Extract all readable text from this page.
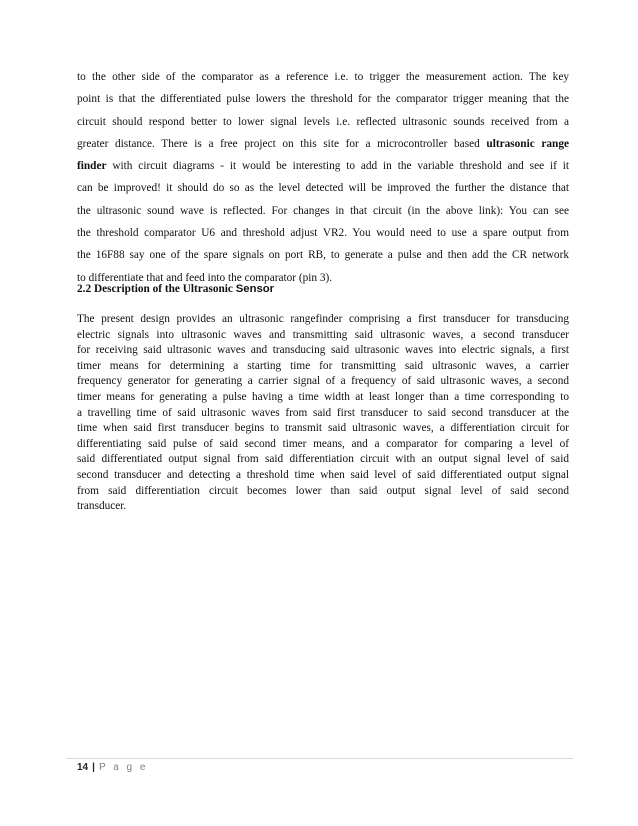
to the other side of the comparator as a reference i.e. to trigger the measurement action. The key
point is that the differentiated pulse lowers the threshold for the comparator trigger meaning that the
circuit should respond better to lower signal levels i.e. reflected ultrasonic sounds received from a
greater distance. There is a free project on this site for a microcontroller based ultrasonic range
finder with circuit diagrams - it would be interesting to add in the variable threshold and see if it
can be improved! it should do so as the level detected will be improved the further the distance that
the ultrasonic sound wave is reflected. For changes in that circuit (in the above link): You can see
the threshold comparator U6 and threshold adjust VR2. You would need to use a spare output from
the 16F88 say one of the spare signals on port RB, to generate a pulse and then add the CR network
to differentiate that and feed into the comparator (pin 3).
2.2 Description of the Ultrasonic Sensor
The present design provides an ultrasonic rangefinder comprising a first transducer for transducing
electric signals into ultrasonic waves and transmitting said ultrasonic waves, a second transducer
for receiving said ultrasonic waves and transducing said ultrasonic waves into electric signals, a first
timer means for determining a starting time for transmitting said ultrasonic waves, a carrier
frequency generator for generating a carrier signal of a frequency of said ultrasonic waves, a second
timer means for generating a pulse having a time width at least longer than a time corresponding to
a travelling time of said ultrasonic waves from said first transducer to said second transducer at the
time when said first transducer begins to transmit said ultrasonic waves, a differentiation circuit for
differentiating said pulse of said second timer means, and a comparator for comparing a level of
said differentiated output signal from said differentiation circuit with an output signal level of said
second transducer and detecting a threshold time when said level of said differentiated output signal
from said differentiation circuit becomes lower than said output signal level of said second
transducer.
14 | P a g e
